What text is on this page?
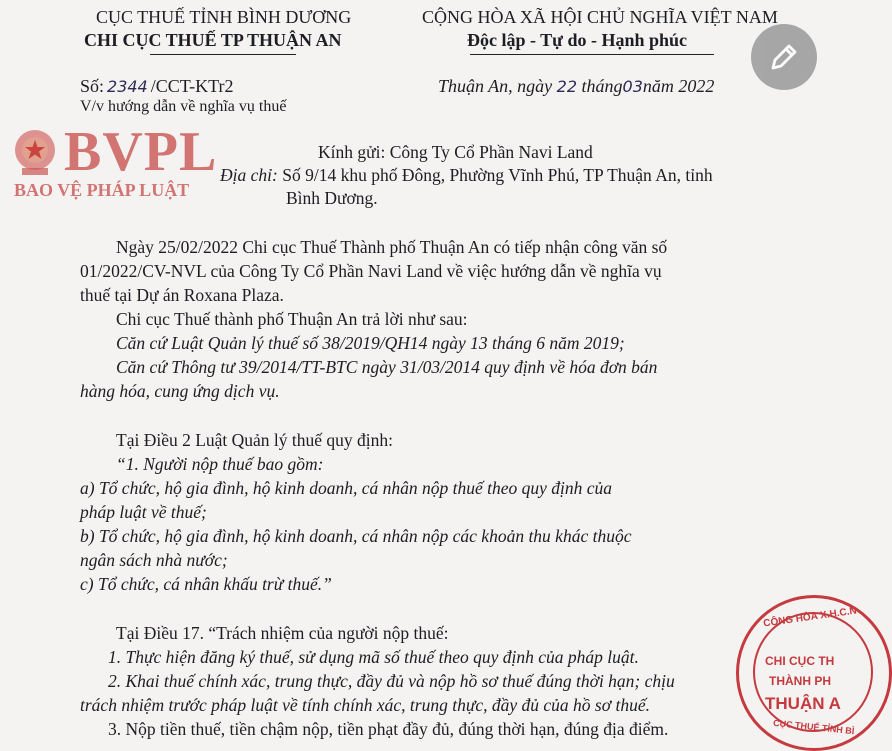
CỤC THUẾ TỈNH BÌNH DƯƠNG
CHI CỤC THUẾ TP THUẬN AN
CỘNG HÒA XÃ HỘI CHỦ NGHĨA VIỆT NAM
Độc lập - Tự do - Hạnh phúc
Số: 2344 /CCT-KTr2
V/v hướng dẫn về nghĩa vụ thuế
Thuận An, ngày 22 tháng03năm 2022
BVPL
BAO VỆ PHÁP LUẬT
Kính gửi: Công Ty Cổ Phần Navi Land
Địa chỉ: Số 9/14 khu phố Đông, Phường Vĩnh Phú, TP Thuận An, tỉnh
Bình Dương.
Ngày 25/02/2022 Chi cục Thuế Thành phố Thuận An có tiếp nhận công văn số
01/2022/CV-NVL của Công Ty Cổ Phần Navi Land về việc hướng dẫn về nghĩa vụ
thuế tại Dự án Roxana Plaza.
Chi cục Thuế thành phố Thuận An trả lời như sau:
Căn cứ Luật Quản lý thuế số 38/2019/QH14 ngày 13 tháng 6 năm 2019;
Căn cứ Thông tư 39/2014/TT-BTC ngày 31/03/2014 quy định về hóa đơn bán
hàng hóa, cung ứng dịch vụ.
Tại Điều 2 Luật Quản lý thuế quy định:
“1. Người nộp thuế bao gồm:
a) Tổ chức, hộ gia đình, hộ kinh doanh, cá nhân nộp thuế theo quy định của
pháp luật về thuế;
b) Tổ chức, hộ gia đình, hộ kinh doanh, cá nhân nộp các khoản thu khác thuộc
ngân sách nhà nước;
c) Tổ chức, cá nhân khấu trừ thuế.”
Tại Điều 17. “Trách nhiệm của người nộp thuế:
1. Thực hiện đăng ký thuế, sử dụng mã số thuế theo quy định của pháp luật.
2. Khai thuế chính xác, trung thực, đầy đủ và nộp hồ sơ thuế đúng thời hạn; chịu
trách nhiệm trước pháp luật về tính chính xác, trung thực, đầy đủ của hồ sơ thuế.
3. Nộp tiền thuế, tiền chậm nộp, tiền phạt đầy đủ, đúng thời hạn, đúng địa điểm.
CỘNG HÒA X.H.C.N
CHI CỤC TH
THÀNH PH
THUẬN A
CỤC THUẾ TỈNH BÌ
